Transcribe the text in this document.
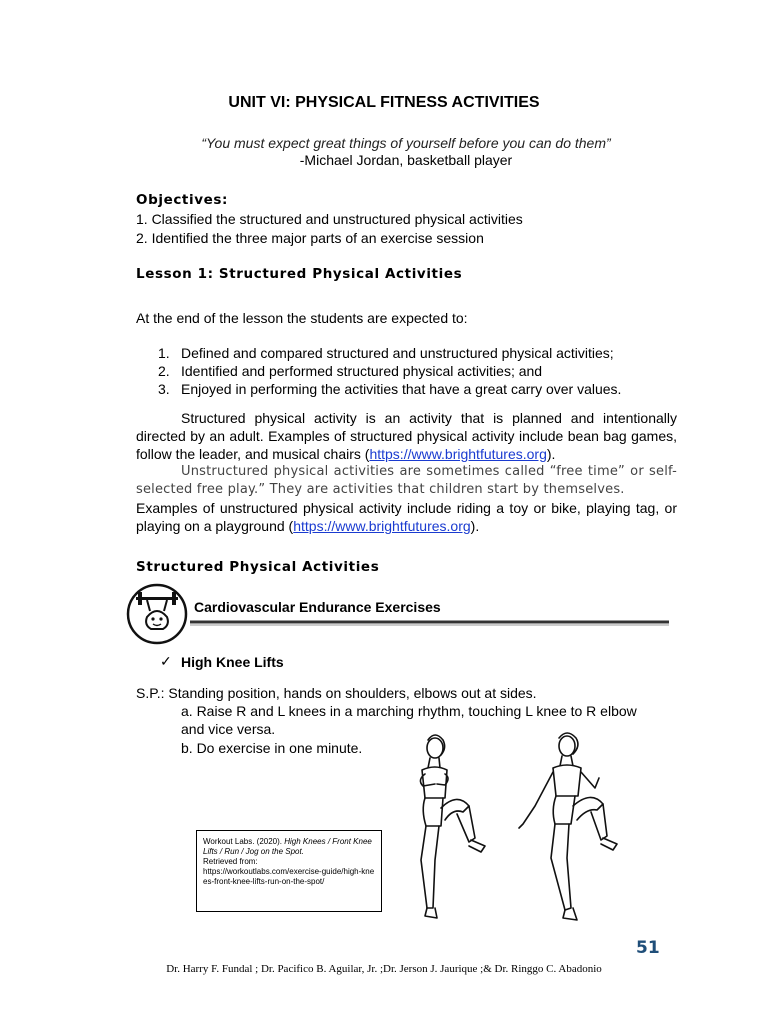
UNIT VI: PHYSICAL FITNESS ACTIVITIES
“You must expect great things of yourself before you can do them”
-Michael Jordan, basketball player
Objectives:
1. Classified the structured and unstructured physical activities
2. Identified the three major parts of an exercise session
Lesson 1: Structured Physical Activities
At the end of the lesson the students are expected to:
1. Defined and compared structured and unstructured physical activities;
2. Identified and performed structured physical activities; and
3. Enjoyed in performing the activities that have a great carry over values.
Structured physical activity is an activity that is planned and intentionally directed by an adult. Examples of structured physical activity include bean bag games, follow the leader, and musical chairs (https://www.brightfutures.org).
Unstructured physical activities are sometimes called “free time” or self-selected free play.” They are activities that children start by themselves.
Examples of unstructured physical activity include riding a toy or bike, playing tag, or playing on a playground (https://www.brightfutures.org).
Structured Physical Activities
Cardiovascular Endurance Exercises
✓ High Knee Lifts
S.P.: Standing position, hands on shoulders, elbows out at sides.
a. Raise R and L knees in a marching rhythm, touching L knee to R elbow
and vice versa.
b. Do exercise in one minute.
Workout Labs. (2020). High Knees / Front Knee Lifts / Run / Jog on the Spot.
Retrieved from:
https://workoutlabs.com/exercise-guide/high-knees-front-knee-lifts-run-on-the-spot/
51
Dr. Harry F. Fundal ; Dr. Pacifico B. Aguilar, Jr. ;Dr. Jerson J. Jaurique ;& Dr. Ringgo C. Abadonio
